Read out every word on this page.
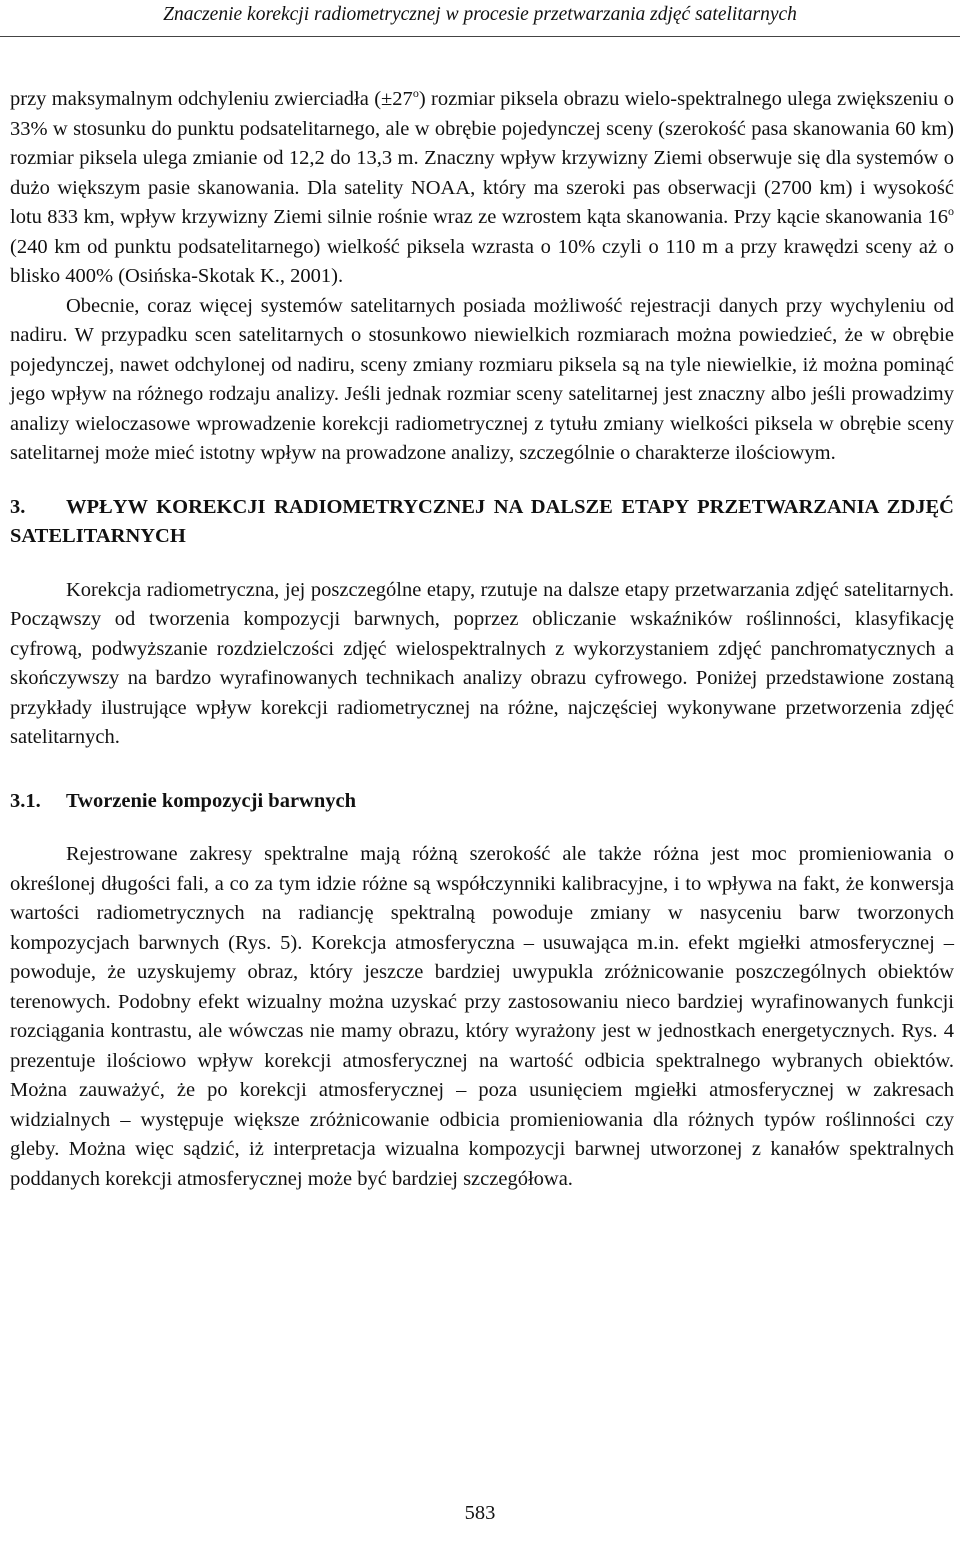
Znaczenie korekcji radiometrycznej w procesie przetwarzania zdjęć satelitarnych

przy maksymalnym odchyleniu zwierciadła $(\pm 27^o)$ rozmiar piksela obrazu wielo-spektralnego ulega zwiększeniu o 33% w stosunku do punktu podsatelitarnego, ale w obrębie pojedynczej sceny (szerokość pasa skanowania 60 km) rozmiar piksela ulega zmianie od 12,2 do 13,3 m. Znaczny wpływ krzywizny Ziemi obserwuje się dla systemów o dużo większym pasie skanowania. Dla satelity NOAA, który ma szeroki pas obserwacji (2700 km) i wysokość lotu 833 km, wpływ krzywizny Ziemi silnie rośnie wraz ze wzrostem kąta skanowania. Przy kącie skanowania 16$^o$ (240 km od punktu podsatelitarnego) wielkość piksela wzrasta o 10% czyli o 110 m a przy krawędzi sceny aż o blisko 400% (Osińska-Skotak K., 2001).

Obecnie, coraz więcej systemów satelitarnych posiada możliwość rejestracji danych przy wychyleniu od nadiru. W przypadku scen satelitarnych o stosunkowo niewielkich rozmiarach można powiedzieć, że w obrębie pojedynczej, nawet odchylonej od nadiru, sceny zmiany rozmiaru piksela są na tyle niewielkie, iż można pominąć jego wpływ na różnego rodzaju analizy. Jeśli jednak rozmiar sceny satelitarnej jest znaczny albo jeśli prowadzimy analizy wieloczasowe wprowadzenie korekcji radiometrycznej z tytułu zmiany wielkości piksela w obrębie sceny satelitarnej może mieć istotny wpływ na prowadzone analizy, szczególnie o charakterze ilościowym.

3. WPŁYW KOREKCJI RADIOMETRYCZNEJ NA DALSZE ETAPY PRZETWARZANIA ZDJĘĆ SATELITARNYCH

Korekcja radiometryczna, jej poszczególne etapy, rzutuje na dalsze etapy przetwarzania zdjęć satelitarnych. Począwszy od tworzenia kompozycji barwnych, poprzez obliczanie wskaźników roślinności, klasyfikację cyfrową, podwyższanie rozdzielczości zdjęć wielospektralnych z wykorzystaniem zdjęć panchromatycznych a skończywszy na bardzo wyrafinowanych technikach analizy obrazu cyfrowego. Poniżej przedstawione zostaną przykłady ilustrujące wpływ korekcji radiometrycznej na różne, najczęściej wykonywane przetworzenia zdjęć satelitarnych.

3.1. Tworzenie kompozycji barwnych

Rejestrowane zakresy spektralne mają różną szerokość ale także różna jest moc promieniowania o określonej długości fali, a co za tym idzie różne są współczynniki kalibracyjne, i to wpływa na fakt, że konwersja wartości radiometrycznych na radiancję spektralną powoduje zmiany w nasyceniu barw tworzonych kompozycjach barwnych (Rys. 5). Korekcja atmosferyczna – usuwająca m.in. efekt mgiełki atmosferycznej – powoduje, że uzyskujemy obraz, który jeszcze bardziej uwypukla zróżnicowanie poszczególnych obiektów terenowych. Podobny efekt wizualny można uzyskać przy zastosowaniu nieco bardziej wyrafinowanych funkcji rozciągania kontrastu, ale wówczas nie mamy obrazu, który wyrażony jest w jednostkach energetycznych. Rys. 4 prezentuje ilościowo wpływ korekcji atmosferycznej na wartość odbicia spektralnego wybranych obiektów. Można zauważyć, że po korekcji atmosferycznej – poza usunięciem mgiełki atmosferycznej w zakresach widzialnych – występuje większe zróżnicowanie odbicia promieniowania dla różnych typów roślinności czy gleby. Można więc sądzić, iż interpretacja wizualna kompozycji barwnej utworzonej z kanałów spektralnych poddanych korekcji atmosferycznej może być bardziej szczegółowa.

583
